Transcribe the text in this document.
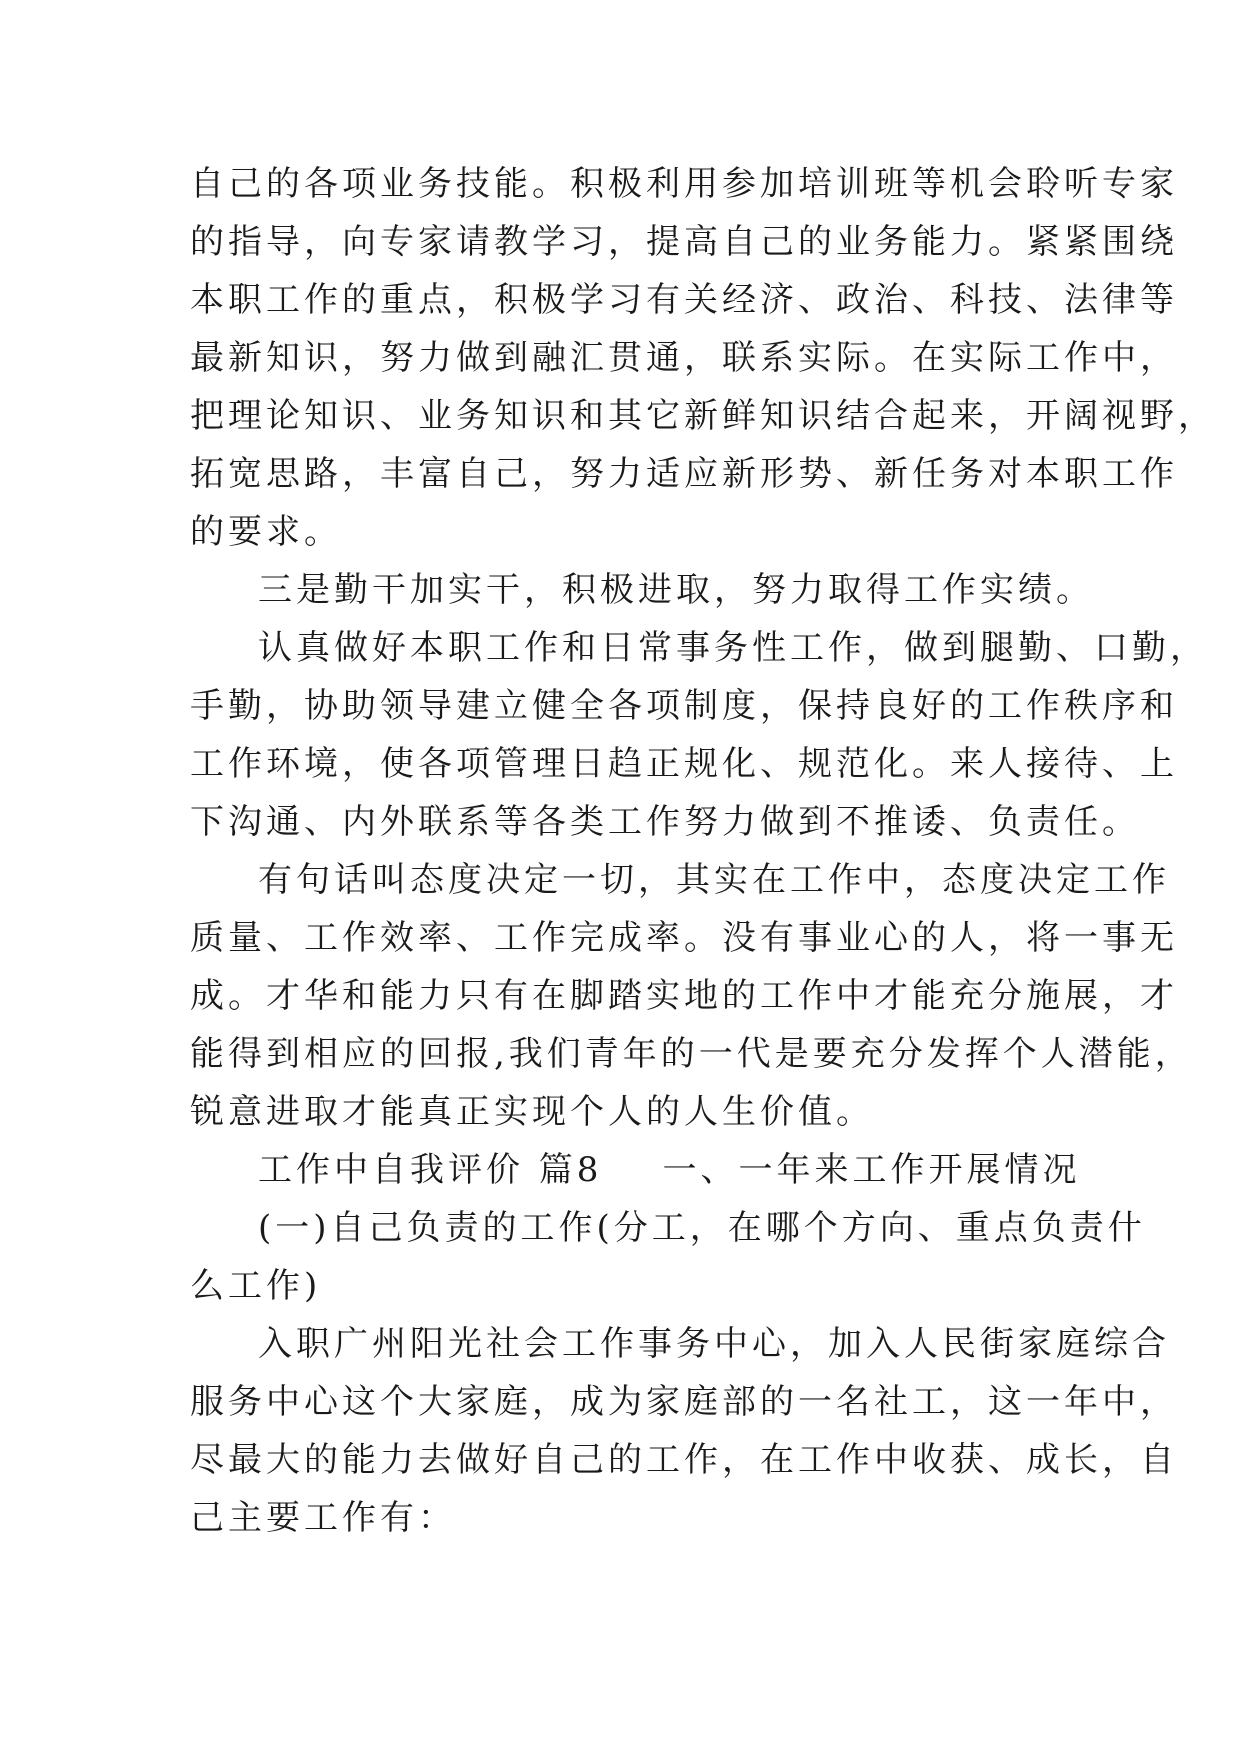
自己的各项业务技能。积极利用参加培训班等机会聆听专家
的指导，向专家请教学习，提高自己的业务能力。紧紧围绕
本职工作的重点，积极学习有关经济、政治、科技、法律等
最新知识，努力做到融汇贯通，联系实际。在实际工作中，
把理论知识、业务知识和其它新鲜知识结合起来，开阔视野，
拓宽思路，丰富自己，努力适应新形势、新任务对本职工作
的要求。
三是勤干加实干，积极进取，努力取得工作实绩。
认真做好本职工作和日常事务性工作，做到腿勤、口勤，
手勤，协助领导建立健全各项制度，保持良好的工作秩序和
工作环境，使各项管理日趋正规化、规范化。来人接待、上
下沟通、内外联系等各类工作努力做到不推诿、负责任。
有句话叫态度决定一切，其实在工作中，态度决定工作
质量、工作效率、工作完成率。没有事业心的人，将一事无
成。才华和能力只有在脚踏实地的工作中才能充分施展，才
能得到相应的回报,我们青年的一代是要充分发挥个人潜能，
锐意进取才能真正实现个人的人生价值。
工作中自我评价 篇8 一、一年来工作开展情况
(一)自己负责的工作(分工，在哪个方向、重点负责什
么工作)
入职广州阳光社会工作事务中心，加入人民街家庭综合
服务中心这个大家庭，成为家庭部的一名社工，这一年中，
尽最大的能力去做好自己的工作，在工作中收获、成长，自
己主要工作有：
